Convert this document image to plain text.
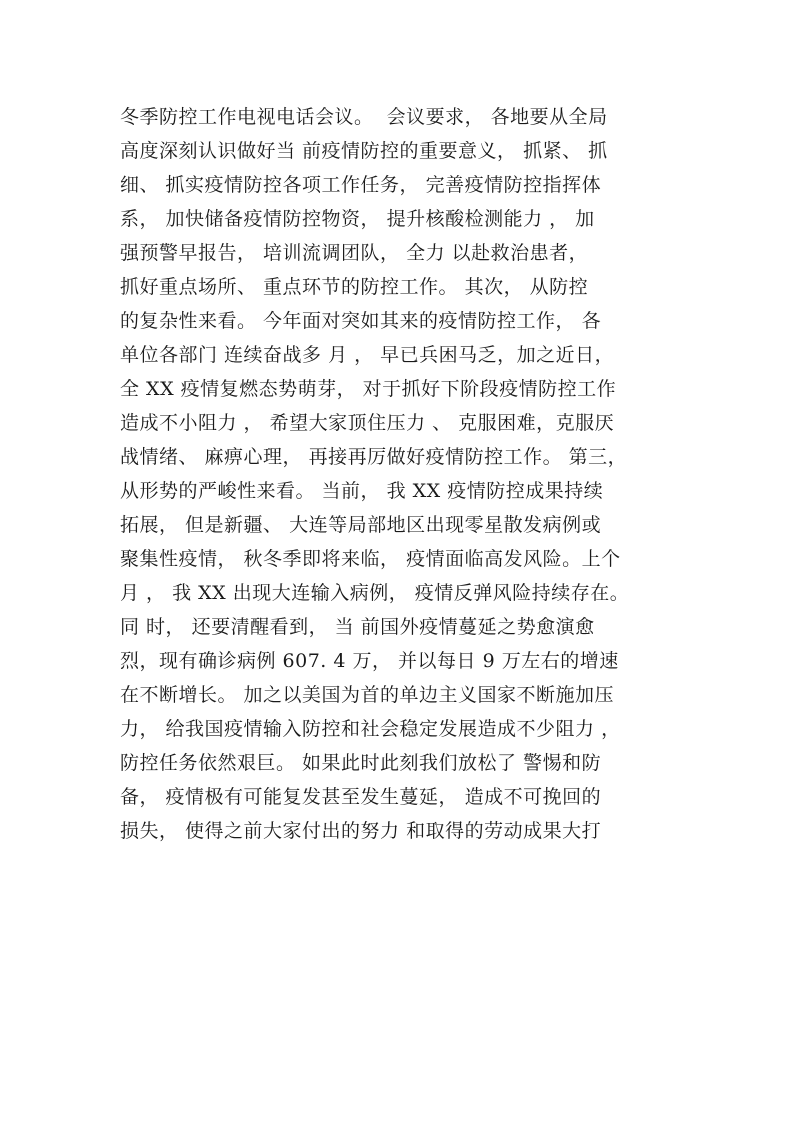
冬季防控工作电视电话会议。  会议要求， 各地要从全局
高度深刻认识做好当 前疫情防控的重要意义， 抓紧、 抓
细、 抓实疫情防控各项工作任务， 完善疫情防控指挥体
系， 加快储备疫情防控物资， 提升核酸检测能力 ， 加
强预警早报告， 培训流调团队， 全力 以赴救治患者，
抓好重点场所、 重点环节的防控工作。 其次， 从防控
的复杂性来看。 今年面对突如其来的疫情防控工作， 各
单位各部门 连续奋战多 月 ， 早已兵困马乏，加之近日，
全 XX 疫情复燃态势萌芽， 对于抓好下阶段疫情防控工作
造成不小阻力 ， 希望大家顶住压力 、 克服困难，克服厌
战情绪、 麻痹心理， 再接再厉做好疫情防控工作。 第三，
从形势的严峻性来看。 当前， 我 XX 疫情防控成果持续
拓展， 但是新疆、 大连等局部地区出现零星散发病例或
聚集性疫情， 秋冬季即将来临， 疫情面临高发风险。上个
月 ， 我 XX 出现大连输入病例， 疫情反弹风险持续存在。
同 时， 还要清醒看到， 当 前国外疫情蔓延之势愈演愈
烈，现有确诊病例 607. 4 万， 并以每日 9 万左右的增速
在不断增长。 加之以美国为首的单边主义国家不断施加压
力， 给我国疫情输入防控和社会稳定发展造成不少阻力 ，
防控任务依然艰巨。 如果此时此刻我们放松了 警惕和防
备， 疫情极有可能复发甚至发生蔓延， 造成不可挽回的
损失， 使得之前大家付出的努力 和取得的劳动成果大打
